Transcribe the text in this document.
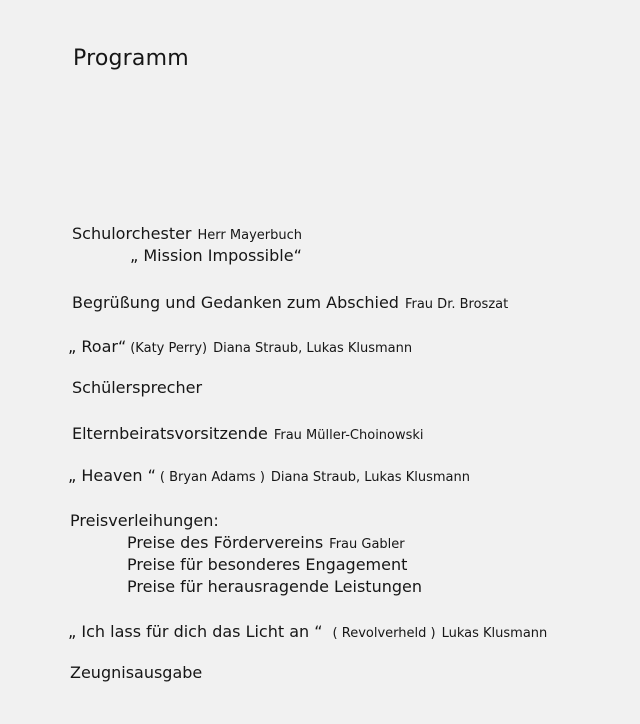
Programm
Schulorchester Herr Mayerbuch
„ Mission Impossible“
Begrüßung und Gedanken zum Abschied Frau Dr. Broszat
„ Roar“ (Katy Perry) Diana Straub, Lukas Klusmann
Schülersprecher
Elternbeiratsvorsitzende Frau Müller-Choinowski
„ Heaven “ ( Bryan Adams ) Diana Straub, Lukas Klusmann
Preisverleihungen:
Preise des Fördervereins Frau Gabler
Preise für besonderes Engagement
Preise für herausragende Leistungen
„ Ich lass für dich das Licht an “ ( Revolverheld ) Lukas Klusmann
Zeugnisausgabe
